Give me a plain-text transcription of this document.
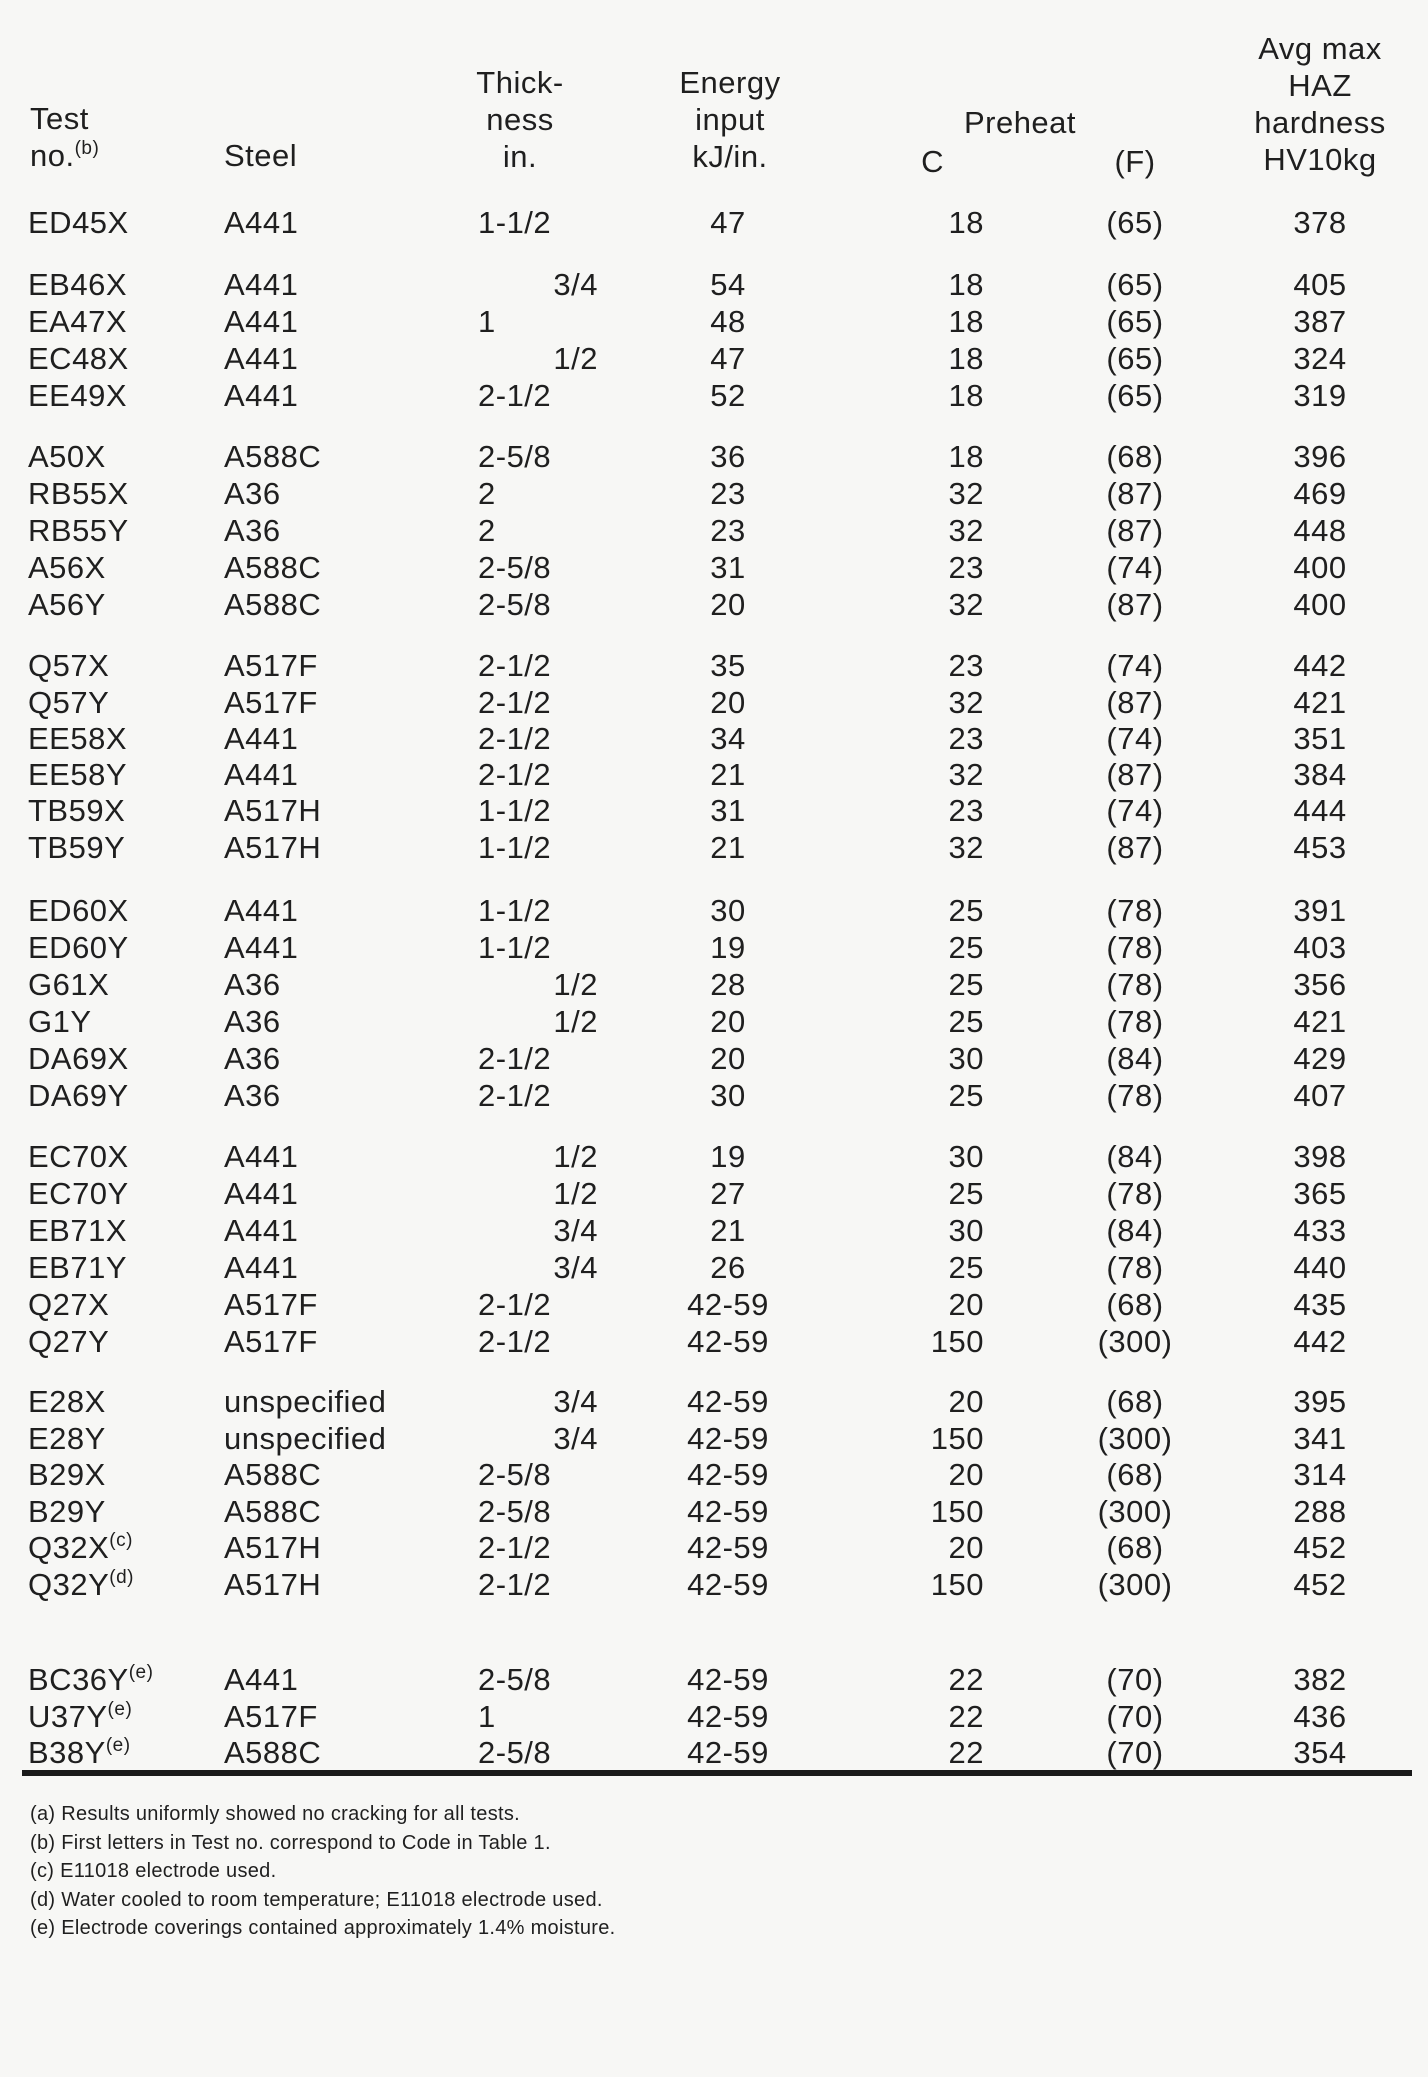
Test
no.$^{(b)}$	Steel
Thick-
ness
in.
Energy
input
kJ/in.
Preheat
C	(F)
Avg max
HAZ
hardness
HV10kg
ED45X	A441	1-1/2	47	18	(65)	378
EB46X	A441	3/4	54	18	(65)	405
EA47X	A441	1	48	18	(65)	387
EC48X	A441	1/2	47	18	(65)	324
EE49X	A441	2-1/2	52	18	(65)	319
A50X	A588C	2-5/8	36	18	(68)	396
RB55X	A36	2	23	32	(87)	469
RB55Y	A36	2	23	32	(87)	448
A56X	A588C	2-5/8	31	23	(74)	400
A56Y	A588C	2-5/8	20	32	(87)	400
Q57X	A517F	2-1/2	35	23	(74)	442
Q57Y	A517F	2-1/2	20	32	(87)	421
EE58X	A441	2-1/2	34	23	(74)	351
EE58Y	A441	2-1/2	21	32	(87)	384
TB59X	A517H	1-1/2	31	23	(74)	444
TB59Y	A517H	1-1/2	21	32	(87)	453
ED60X	A441	1-1/2	30	25	(78)	391
ED60Y	A441	1-1/2	19	25	(78)	403
G61X	A36	1/2	28	25	(78)	356
G1Y	A36	1/2	20	25	(78)	421
DA69X	A36	2-1/2	20	30	(84)	429
DA69Y	A36	2-1/2	30	25	(78)	407
EC70X	A441	1/2	19	30	(84)	398
EC70Y	A441	1/2	27	25	(78)	365
EB71X	A441	3/4	21	30	(84)	433
EB71Y	A441	3/4	26	25	(78)	440
Q27X	A517F	2-1/2	42-59	20	(68)	435
Q27Y	A517F	2-1/2	42-59	150	(300)	442
E28X	unspecified	3/4	42-59	20	(68)	395
E28Y	unspecified	3/4	42-59	150	(300)	341
B29X	A588C	2-5/8	42-59	20	(68)	314
B29Y	A588C	2-5/8	42-59	150	(300)	288
$Q32X^{(c)}$	A517H	2-1/2	42-59	20	(68)	452
$Q32Y^{(d)}$	A517H	2-1/2	42-59	150	(300)	452
$BC36Y^{(e)}$ A441	2-5/8	42-59	22	(70)	382
$U37Y^{(e)}$	A517F	1	42-59	22	(70)	436
$B38Y^{(e)}$	A588C	2-5/8	42-59	22	(70)	354
(a) Results uniformly showed no cracking for all tests.
(b) First letters in Test no. correspond to Code in Table 1.
(c) E11018 electrode used.
(d) Water cooled to room temperature; E11018 electrode used.
(e) Electrode coverings contained approximately 1.4% moisture.
